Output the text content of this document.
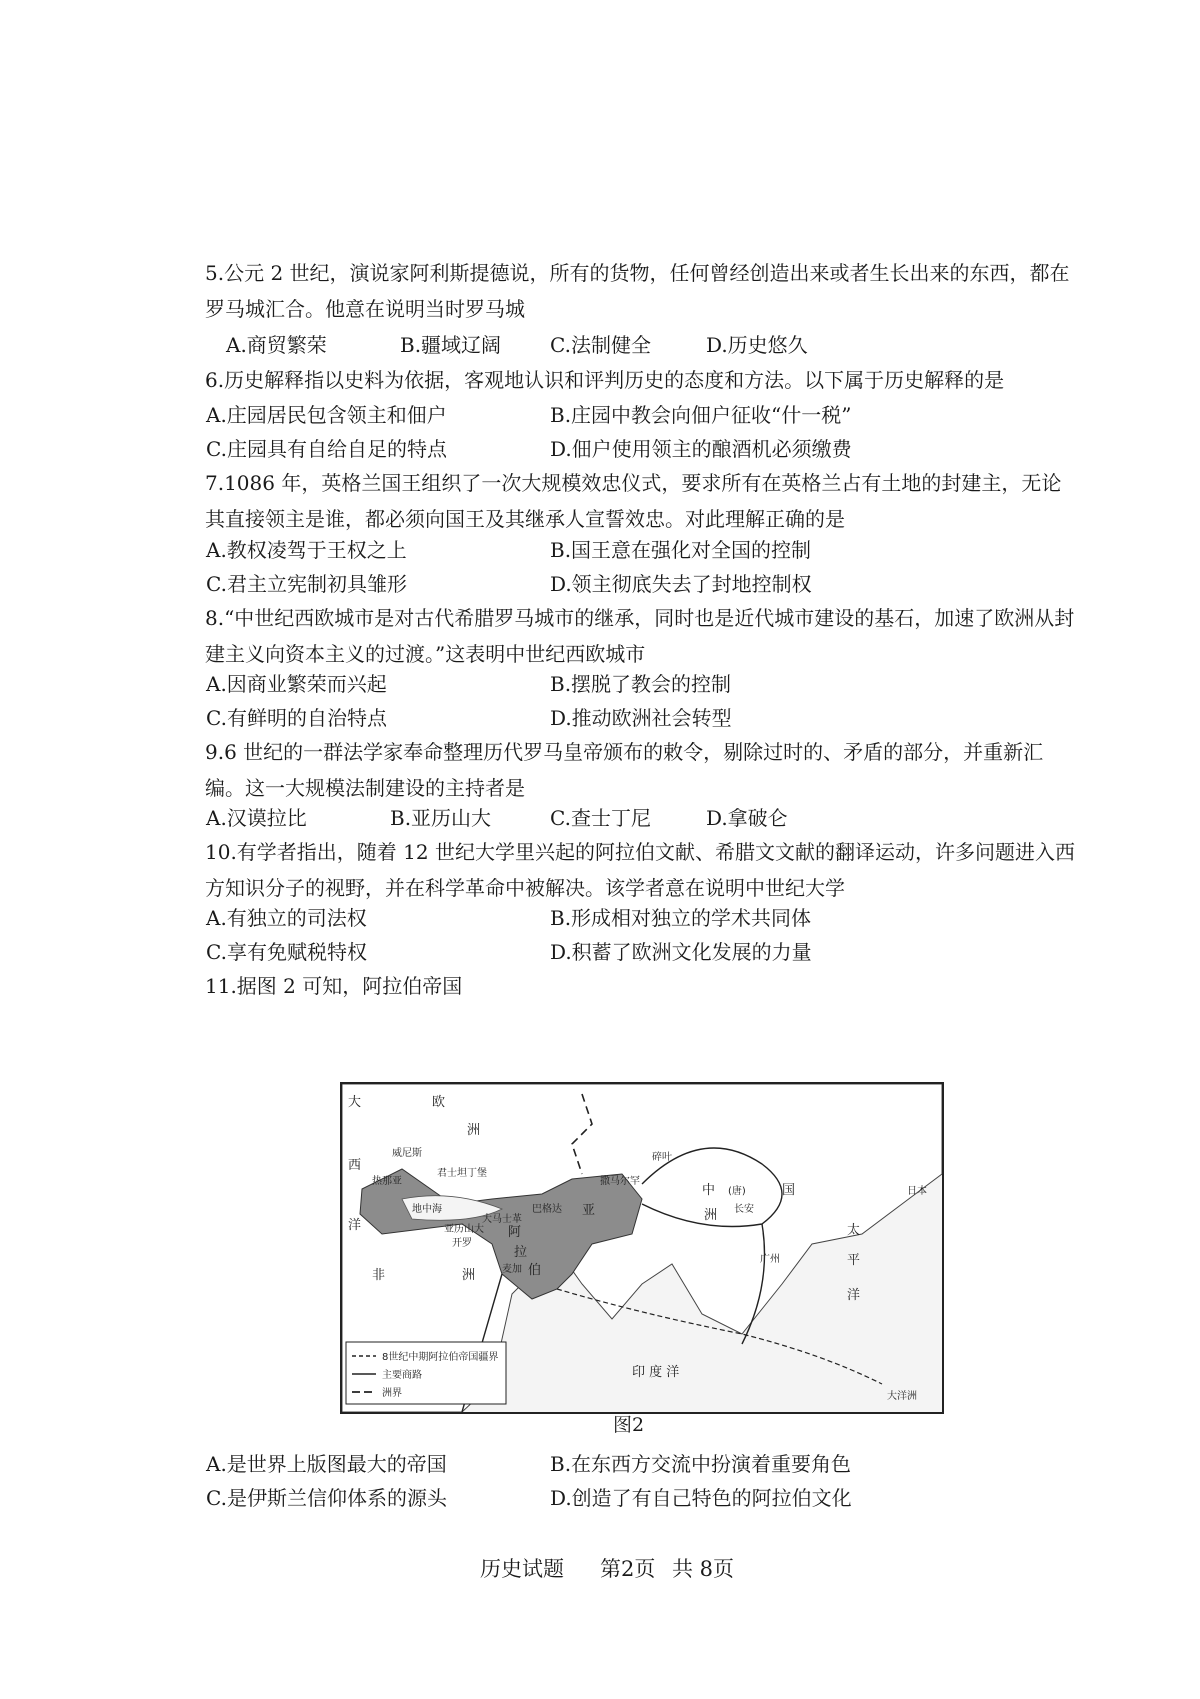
5.公元 2 世纪，演说家阿利斯提德说，所有的货物，任何曾经创造出来或者生长出来的东西，都在罗马城汇合。他意在说明当时罗马城
A.商贸繁荣	B.疆域辽阔 C.法制健全	D.历史悠久
6.历史解释指以史料为依据，客观地认识和评判历史的态度和方法。以下属于历史解释的是
A.庄园居民包含领主和佃户	B.庄园中教会向佃户征收“什一税”
C.庄园具有自给自足的特点	D.佃户使用领主的酿酒机必须缴费
7.1086 年，英格兰国王组织了一次大规模效忠仪式，要求所有在英格兰占有土地的封建主，无论其直接领主是谁，都必须向国王及其继承人宣誓效忠。对此理解正确的是
A.教权凌驾于王权之上	B.国王意在强化对全国的控制
C.君主立宪制初具雏形	D.领主彻底失去了封地控制权
8.“中世纪西欧城市是对古代希腊罗马城市的继承，同时也是近代城市建设的基石，加速了欧洲从封建主义向资本主义的过渡。”这表明中世纪西欧城市
A.因商业繁荣而兴起	B.摆脱了教会的控制
C.有鲜明的自治特点	D.推动欧洲社会转型
9.6 世纪的一群法学家奉命整理历代罗马皇帝颁布的敕令，剔除过时的、矛盾的部分，并重新汇编。这一大规模法制建设的主持者是
A.汉谟拉比	B.亚历山大	C.查士丁尼	D.拿破仑
10.有学者指出，随着 12 世纪大学里兴起的阿拉伯文献、希腊文文献的翻译运动，许多问题进入西方知识分子的视野，并在科学革命中被解决。该学者意在说明中世纪大学
A.有独立的司法权	B.形成相对独立的学术共同体
C.享有免赋税特权	D.积蓄了欧洲文化发展的力量
11.据图 2 可知，阿拉伯帝国
大	欧
洲
西
洋
威尼斯
君士坦丁堡
热那亚
地中海
亚历山大
开罗
巴格达
大马士革
麦加
撒马尔罕
碎叶
长安
广州
(唐)
中	国
亚	洲
阿
拉
伯
非	洲
印 度 洋
太
平
洋
日本
大洋洲
8世纪中期阿拉伯帝国疆界
主要商路
洲界
图2
A.是世界上版图最大的帝国	B.在东西方交流中扮演着重要角色
C.是伊斯兰信仰体系的源头	D.创造了有自己特色的阿拉伯文化
历史试题 第2页 共 8页
